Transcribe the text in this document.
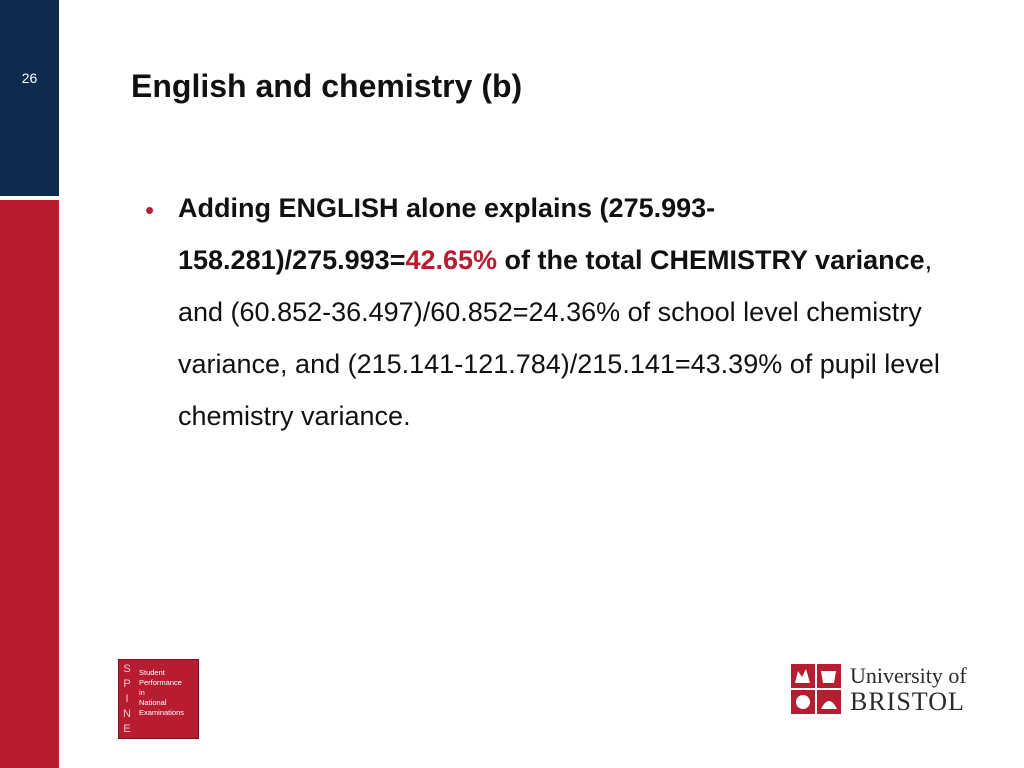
26	English and chemistry (b)
• Adding ENGLISH alone explains (275.993-158.281)/275.993=42.65% of the total CHEMISTRY variance, and (60.852-36.497)/60.852=24.36% of school level chemistry variance, and (215.141-121.784)/215.141=43.39% of pupil level chemistry variance.

S
P
I
N
E
Student
Performance
in
National
Examinations
University of
BRISTOL
